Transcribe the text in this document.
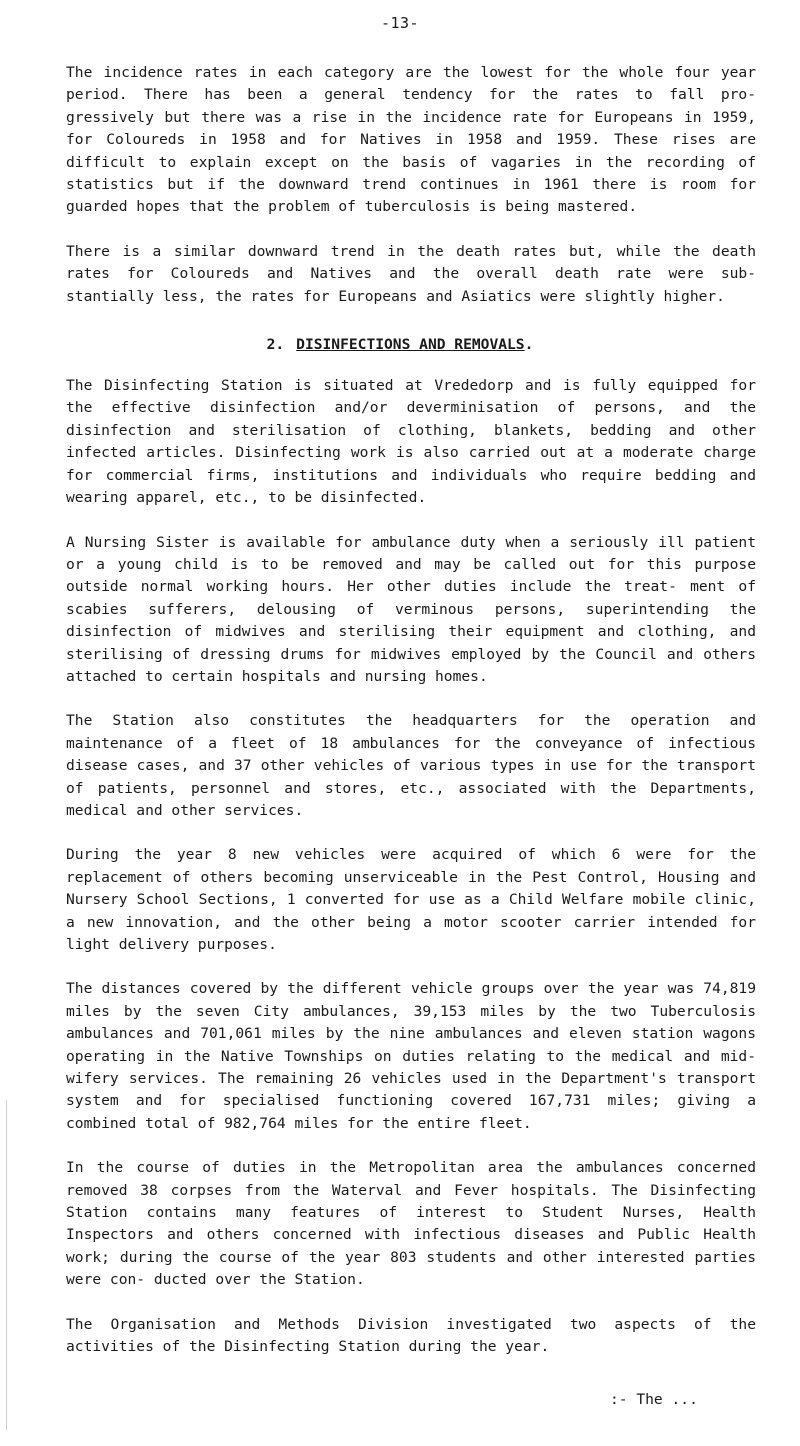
-13-

The incidence rates in each category are the lowest for the whole four year period. There has been a general tendency for the rates to fall pro- gressively but there was a rise in the incidence rate for Europeans in 1959, for Coloureds in 1958 and for Natives in 1958 and 1959. These rises are difficult to explain except on the basis of vagaries in the recording of statistics but if the downward trend continues in 1961 there is room for guarded hopes that the problem of tuberculosis is being mastered.

There is a similar downward trend in the death rates but, while the death rates for Coloureds and Natives and the overall death rate were sub- stantially less, the rates for Europeans and Asiatics were slightly higher.

2. DISINFECTIONS AND REMOVALS.

The Disinfecting Station is situated at Vrededorp and is fully equipped for the effective disinfection and/or deverminisation of persons, and the disinfection and sterilisation of clothing, blankets, bedding and other infected articles. Disinfecting work is also carried out at a moderate charge for commercial firms, institutions and individuals who require bedding and wearing apparel, etc., to be disinfected.

A Nursing Sister is available for ambulance duty when a seriously ill patient or a young child is to be removed and may be called out for this purpose outside normal working hours. Her other duties include the treat- ment of scabies sufferers, delousing of verminous persons, superintending the disinfection of midwives and sterilising their equipment and clothing, and sterilising of dressing drums for midwives employed by the Council and others attached to certain hospitals and nursing homes.

The Station also constitutes the headquarters for the operation and maintenance of a fleet of 18 ambulances for the conveyance of infectious disease cases, and 37 other vehicles of various types in use for the transport of patients, personnel and stores, etc., associated with the Departments, medical and other services.

During the year 8 new vehicles were acquired of which 6 were for the replacement of others becoming unserviceable in the Pest Control, Housing and Nursery School Sections, 1 converted for use as a Child Welfare mobile clinic, a new innovation, and the other being a motor scooter carrier intended for light delivery purposes.

The distances covered by the different vehicle groups over the year was 74,819 miles by the seven City ambulances, 39,153 miles by the two Tuberculosis ambulances and 701,061 miles by the nine ambulances and eleven station wagons operating in the Native Townships on duties relating to the medical and mid- wifery services. The remaining 26 vehicles used in the Department's transport system and for specialised functioning covered 167,731 miles; giving a combined total of 982,764 miles for the entire fleet.

In the course of duties in the Metropolitan area the ambulances concerned removed 38 corpses from the Waterval and Fever hospitals. The Disinfecting Station contains many features of interest to Student Nurses, Health Inspectors and others concerned with infectious diseases and Public Health work; during the course of the year 803 students and other interested parties were con- ducted over the Station.

The Organisation and Methods Division investigated two aspects of the activities of the Disinfecting Station during the year.

:- The ...
